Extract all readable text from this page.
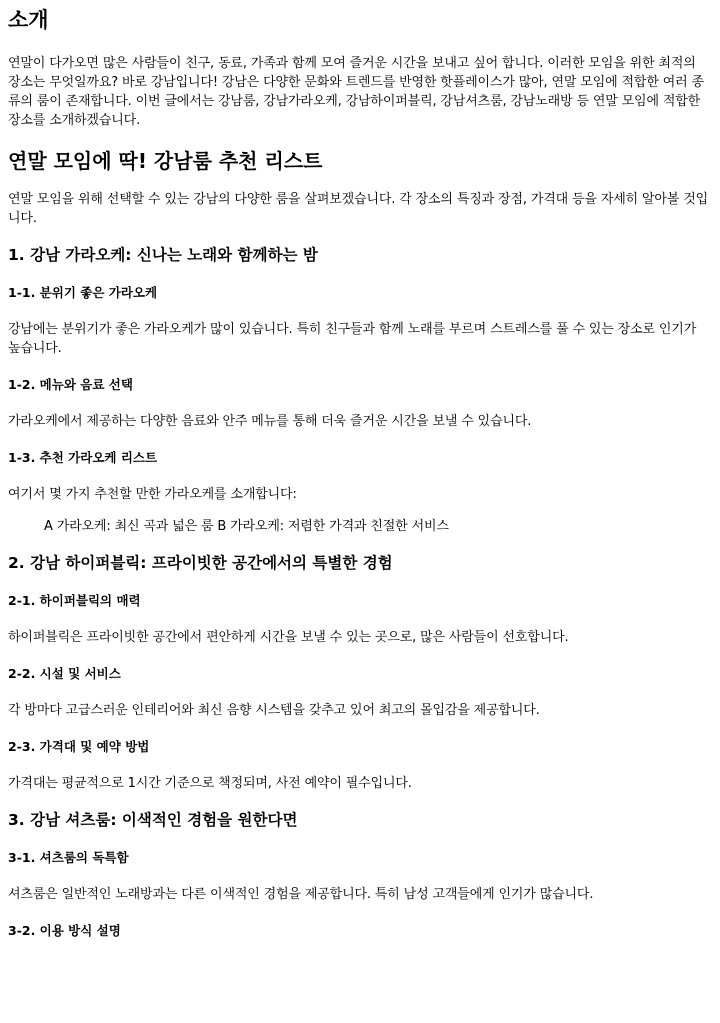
소개

연말이 다가오면 많은 사람들이 친구, 동료, 가족과 함께 모여 즐거운 시간을 보내고 싶어 합니다. 이러한 모임을 위한 최적의 장소는 무엇일까요? 바로 강남입니다! 강남은 다양한 문화와 트렌드를 반영한 핫플레이스가 많아, 연말 모임에 적합한 여러 종류의 룸이 존재합니다. 이번 글에서는 강남룸, 강남가라오케, 강남하이퍼블릭, 강남셔츠룸, 강남노래방 등 연말 모임에 적합한 장소를 소개하겠습니다.

연말 모임에 딱! 강남룸 추천 리스트

연말 모임을 위해 선택할 수 있는 강남의 다양한 룸을 살펴보겠습니다. 각 장소의 특징과 장점, 가격대 등을 자세히 알아볼 것입니다.

1. 강남 가라오케: 신나는 노래와 함께하는 밤
1-1. 분위기 좋은 가라오케

강남에는 분위기가 좋은 가라오케가 많이 있습니다. 특히 친구들과 함께 노래를 부르며 스트레스를 풀 수 있는 장소로 인기가 높습니다.

1-2. 메뉴와 음료 선택

가라오케에서 제공하는 다양한 음료와 안주 메뉴를 통해 더욱 즐거운 시간을 보낼 수 있습니다.

1-3. 추천 가라오케 리스트

여기서 몇 가지 추천할 만한 가라오케를 소개합니다:

A 가라오케: 최신 곡과 넓은 룸 B 가라오케: 저렴한 가격과 친절한 서비스

2. 강남 하이퍼블릭: 프라이빗한 공간에서의 특별한 경험
2-1. 하이퍼블릭의 매력

하이퍼블릭은 프라이빗한 공간에서 편안하게 시간을 보낼 수 있는 곳으로, 많은 사람들이 선호합니다.

2-2. 시설 및 서비스

각 방마다 고급스러운 인테리어와 최신 음향 시스템을 갖추고 있어 최고의 몰입감을 제공합니다.

2-3. 가격대 및 예약 방법

가격대는 평균적으로 1시간 기준으로 책정되며, 사전 예약이 필수입니다.

3. 강남 셔츠룸: 이색적인 경험을 원한다면
3-1. 셔츠룸의 독특함

셔츠룸은 일반적인 노래방과는 다른 이색적인 경험을 제공합니다. 특히 남성 고객들에게 인기가 많습니다.

3-2. 이용 방식 설명
